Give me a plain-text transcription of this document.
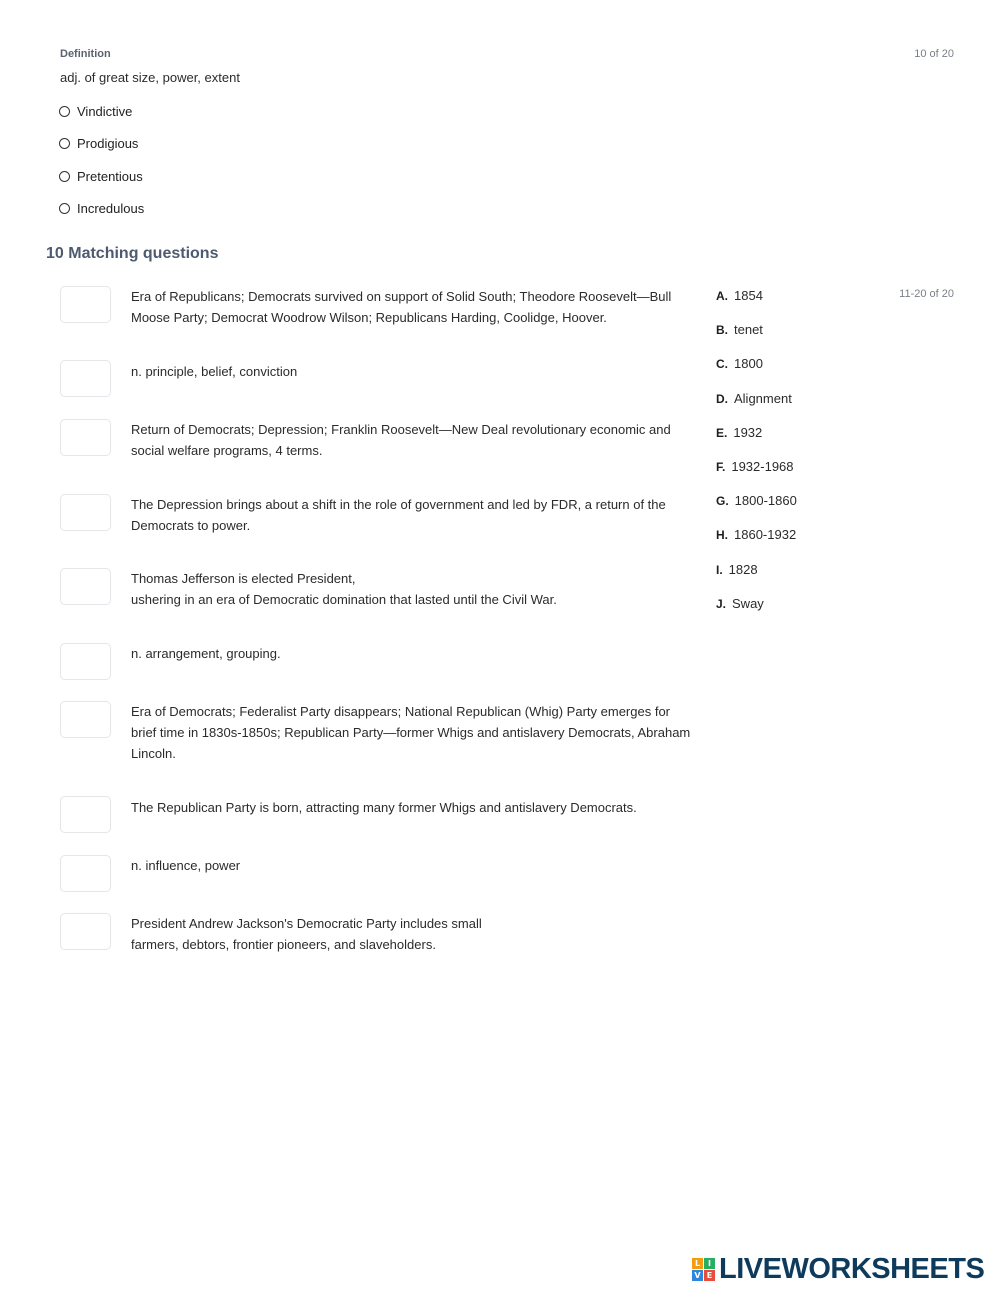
Definition	10 of 20
adj. of great size, power, extent
Vindictive
Prodigious
Pretentious
Incredulous
10 Matching questions
11-20 of 20
Era of Republicans; Democrats survived on support of Solid South; Theodore Roosevelt—Bull
Moose Party; Democrat Woodrow Wilson; Republicans Harding, Coolidge, Hoover.
n. principle, belief, conviction
Return of Democrats; Depression; Franklin Roosevelt—New Deal revolutionary economic and
social welfare programs, 4 terms.
The Depression brings about a shift in the role of government and led by FDR, a return of the
Democrats to power.
Thomas Jefferson is elected President,
ushering in an era of Democratic domination that lasted until the Civil War.
n. arrangement, grouping.
Era of Democrats; Federalist Party disappears; National Republican (Whig) Party emerges for
brief time in 1830s-1850s; Republican Party—former Whigs and antislavery Democrats, Abraham
Lincoln.
The Republican Party is born, attracting many former Whigs and antislavery Democrats.
n. influence, power
President Andrew Jackson's Democratic Party includes small
farmers, debtors, frontier pioneers, and slaveholders.
A. 1854
B. tenet
C. 1800
D. Alignment
E. 1932
F. 1932-1968
G. 1800-1860
H. 1860-1932
I. 1828
J. Sway
L I
V E LIVEWORKSHEETS
